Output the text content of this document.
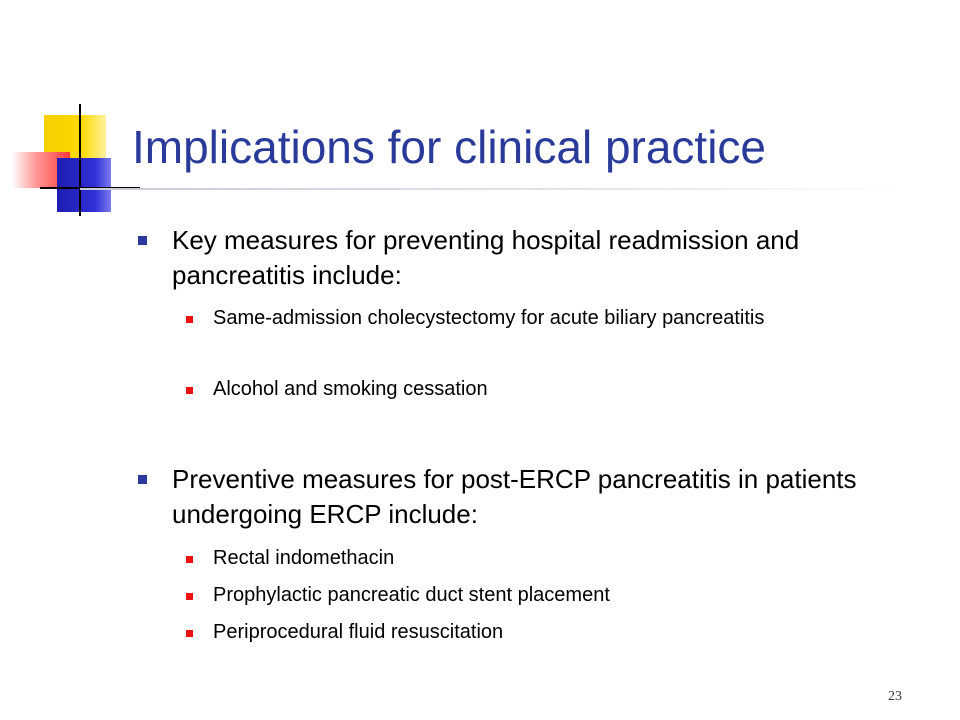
Implications for clinical practice
Key measures for preventing hospital readmission and pancreatitis include:
Same-admission cholecystectomy for acute biliary pancreatitis
Alcohol and smoking cessation
Preventive measures for post-ERCP pancreatitis in patients undergoing ERCP include:
Rectal indomethacin
Prophylactic pancreatic duct stent placement
Periprocedural fluid resuscitation
23
